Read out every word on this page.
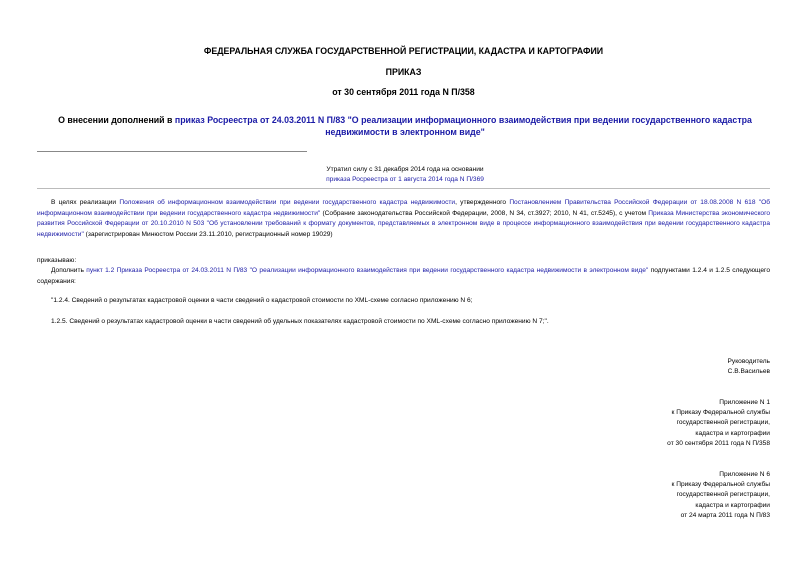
ФЕДЕРАЛЬНАЯ СЛУЖБА ГОСУДАРСТВЕННОЙ РЕГИСТРАЦИИ, КАДАСТРА И КАРТОГРАФИИ
ПРИКАЗ
от 30 сентября 2011 года N П/358
О внесении дополнений в приказ Росреестра от 24.03.2011 N П/83 "О реализации информационного взаимодействия при ведении государственного кадастра недвижимости в электронном виде"
Утратил силу с 31 декабря 2014 года на основании
приказа Росреестра от 1 августа 2014 года N П/369
В целях реализации Положения об информационном взаимодействии при ведении государственного кадастра недвижимости, утвержденного Постановлением Правительства Российской Федерации от 18.08.2008 N 618 "Об информационном взаимодействии при ведении государственного кадастра недвижимости" (Собрание законодательства Российской Федерации, 2008, N 34, ст.3927; 2010, N 41, ст.5245), с учетом Приказа Министерства экономического развития Российской Федерации от 20.10.2010 N 503 "Об установлении требований к формату документов, представляемых в электронном виде в процессе информационного взаимодействия при ведении государственного кадастра недвижимости" (зарегистрирован Минюстом России 23.11.2010, регистрационный номер 19029)
приказываю:
Дополнить пункт 1.2 Приказа Росреестра от 24.03.2011 N П/83 "О реализации информационного взаимодействия при ведении государственного кадастра недвижимости в электронном виде" подпунктами 1.2.4 и 1.2.5 следующего содержания:
"1.2.4. Сведений о результатах кадастровой оценки в части сведений о кадастровой стоимости по XML-схеме согласно приложению N 6;
1.2.5. Сведений о результатах кадастровой оценки в части сведений об удельных показателях кадастровой стоимости по XML-схеме согласно приложению N 7;".
Руководитель
С.В.Васильев
Приложение N 1
к Приказу Федеральной службы
государственной регистрации,
кадастра и картографии
от 30 сентября 2011 года N П/358
Приложение N 6
к Приказу Федеральной службы
государственной регистрации,
кадастра и картографии
от 24 марта 2011 года N П/83
